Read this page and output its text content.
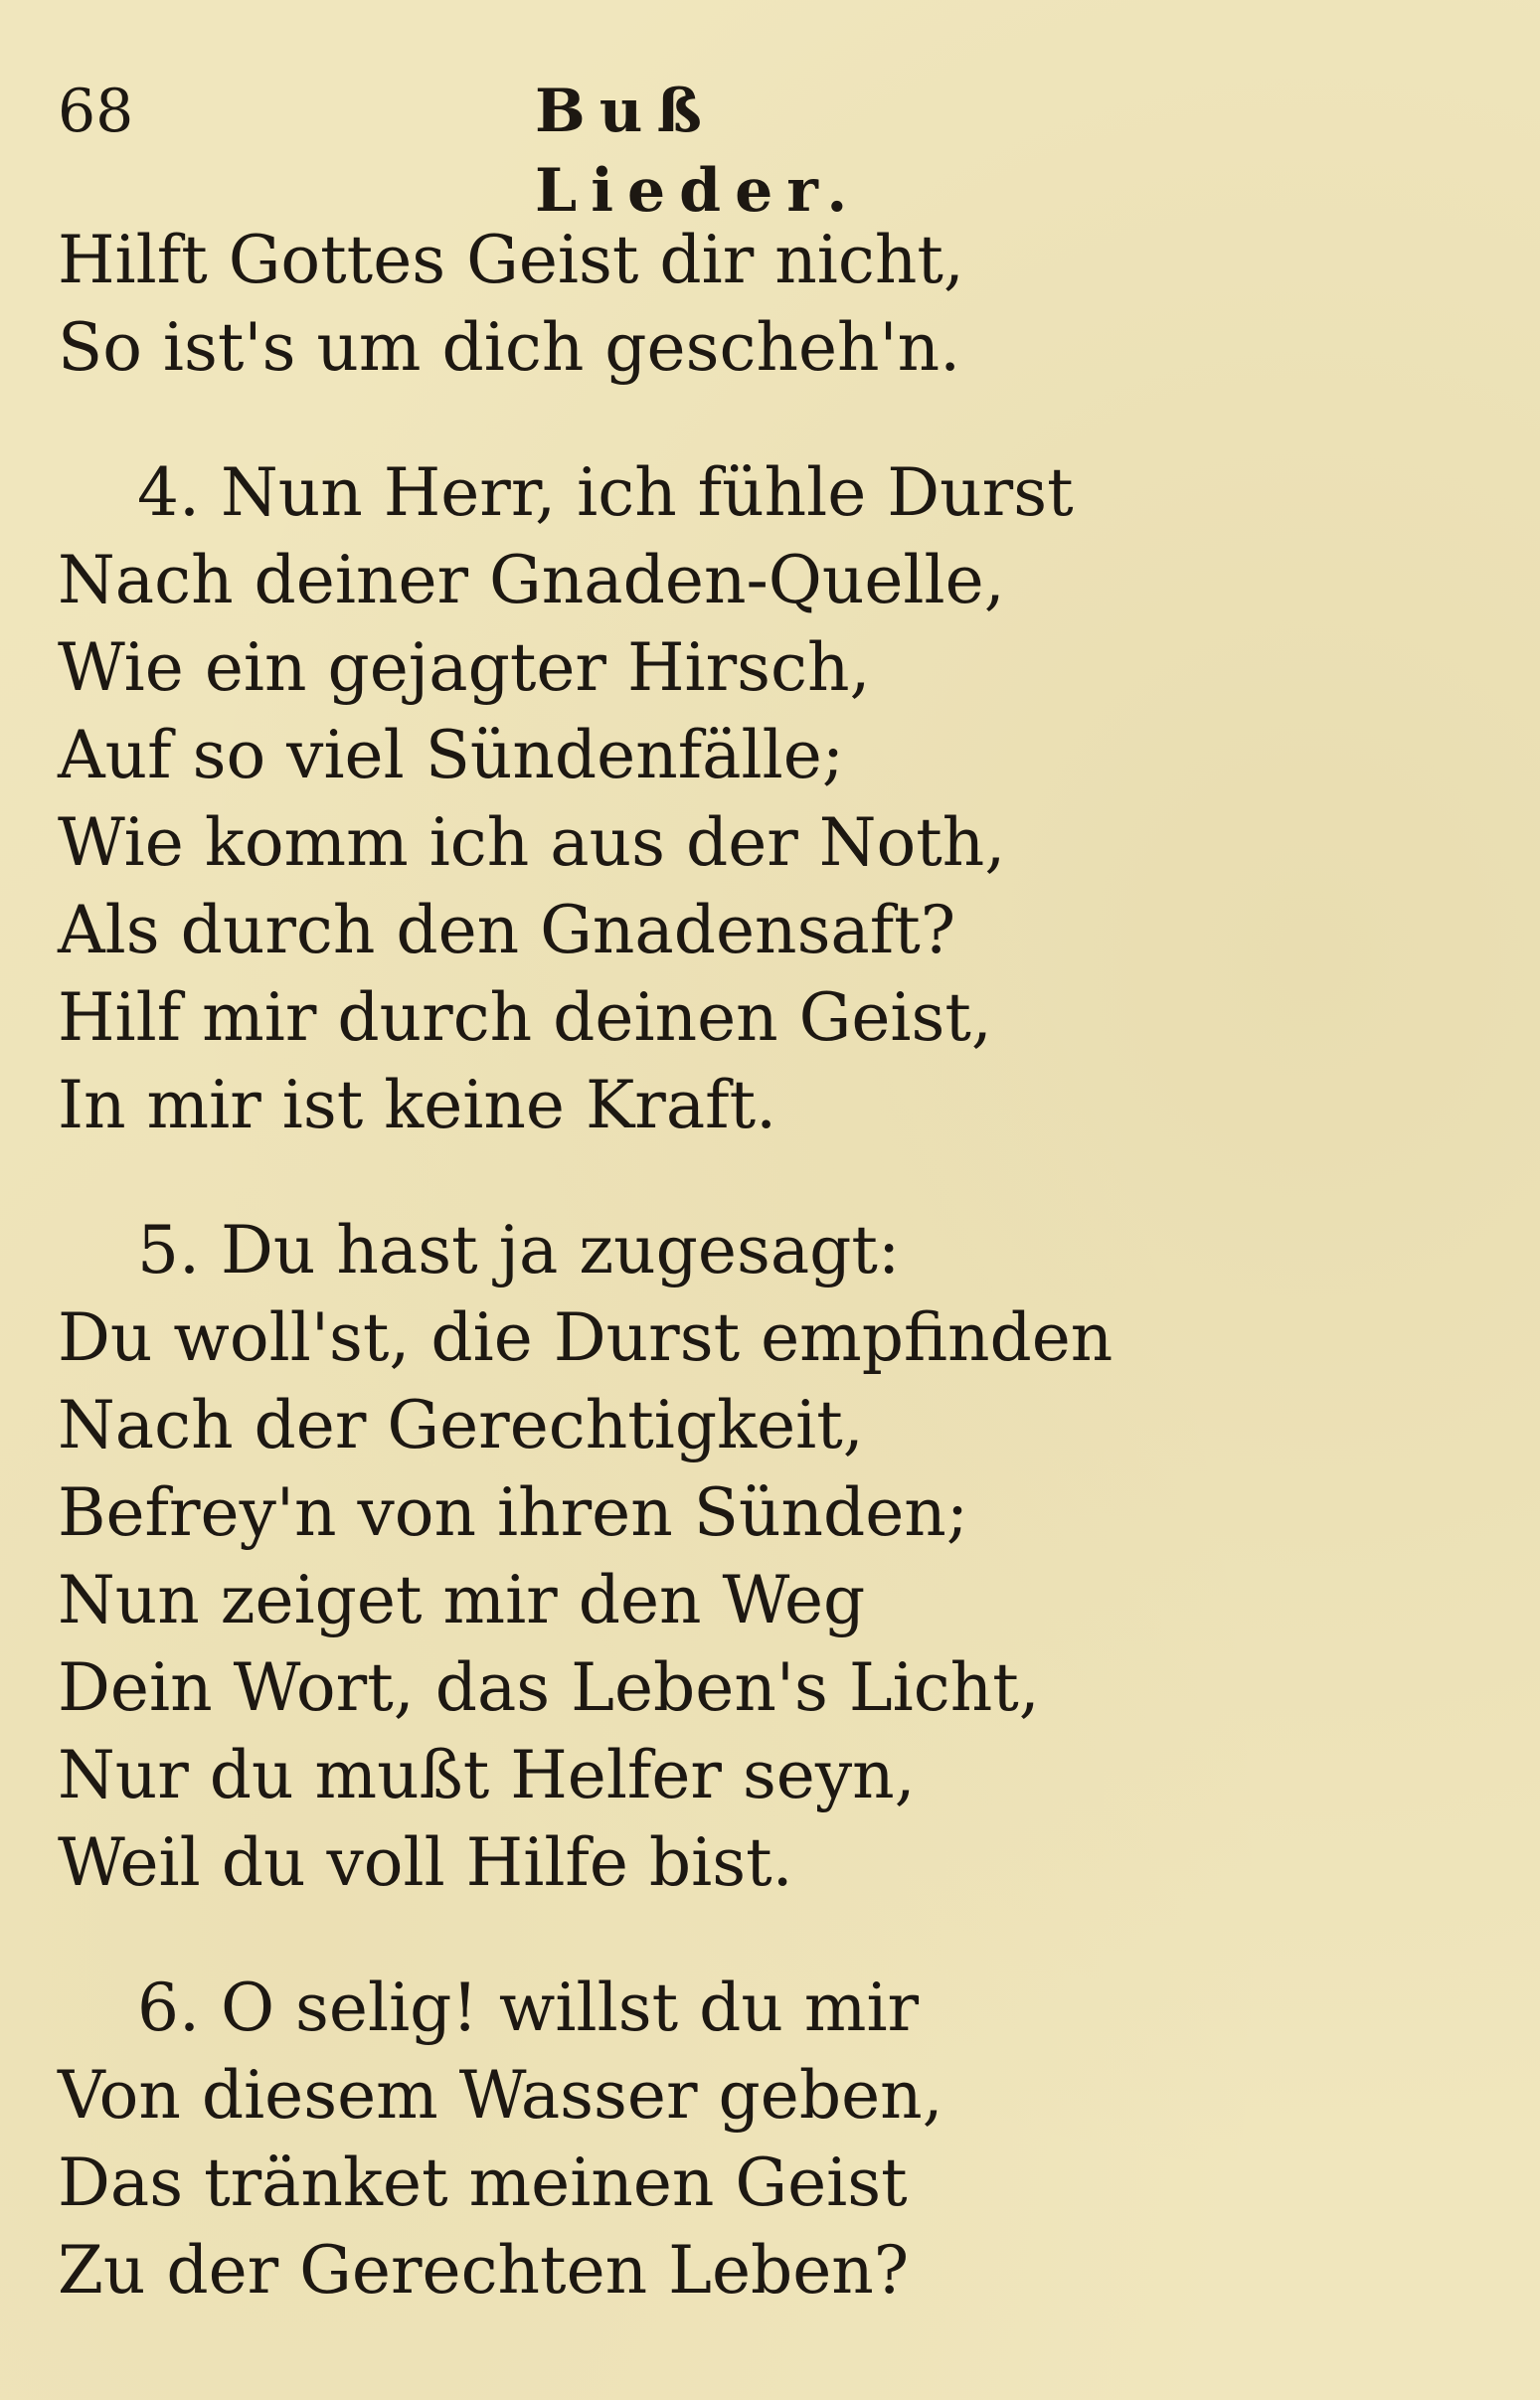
68	Buß Lieder.
Hilft Gottes Geist dir nicht,
So ist's um dich gescheh'n.
4. Nun Herr, ich fühle Durst
Nach deiner Gnaden-Quelle,
Wie ein gejagter Hirsch,
Auf so viel Sündenfälle;
Wie komm ich aus der Noth,
Als durch den Gnadensaft?
Hilf mir durch deinen Geist,
In mir ist keine Kraft.
5. Du hast ja zugesagt:
Du woll'st, die Durst empfinden
Nach der Gerechtigkeit,
Befrey'n von ihren Sünden;
Nun zeiget mir den Weg
Dein Wort, das Leben's Licht,
Nur du mußt Helfer seyn,
Weil du voll Hilfe bist.
6. O selig! willst du mir
Von diesem Wasser geben,
Das tränket meinen Geist
Zu der Gerechten Leben?
